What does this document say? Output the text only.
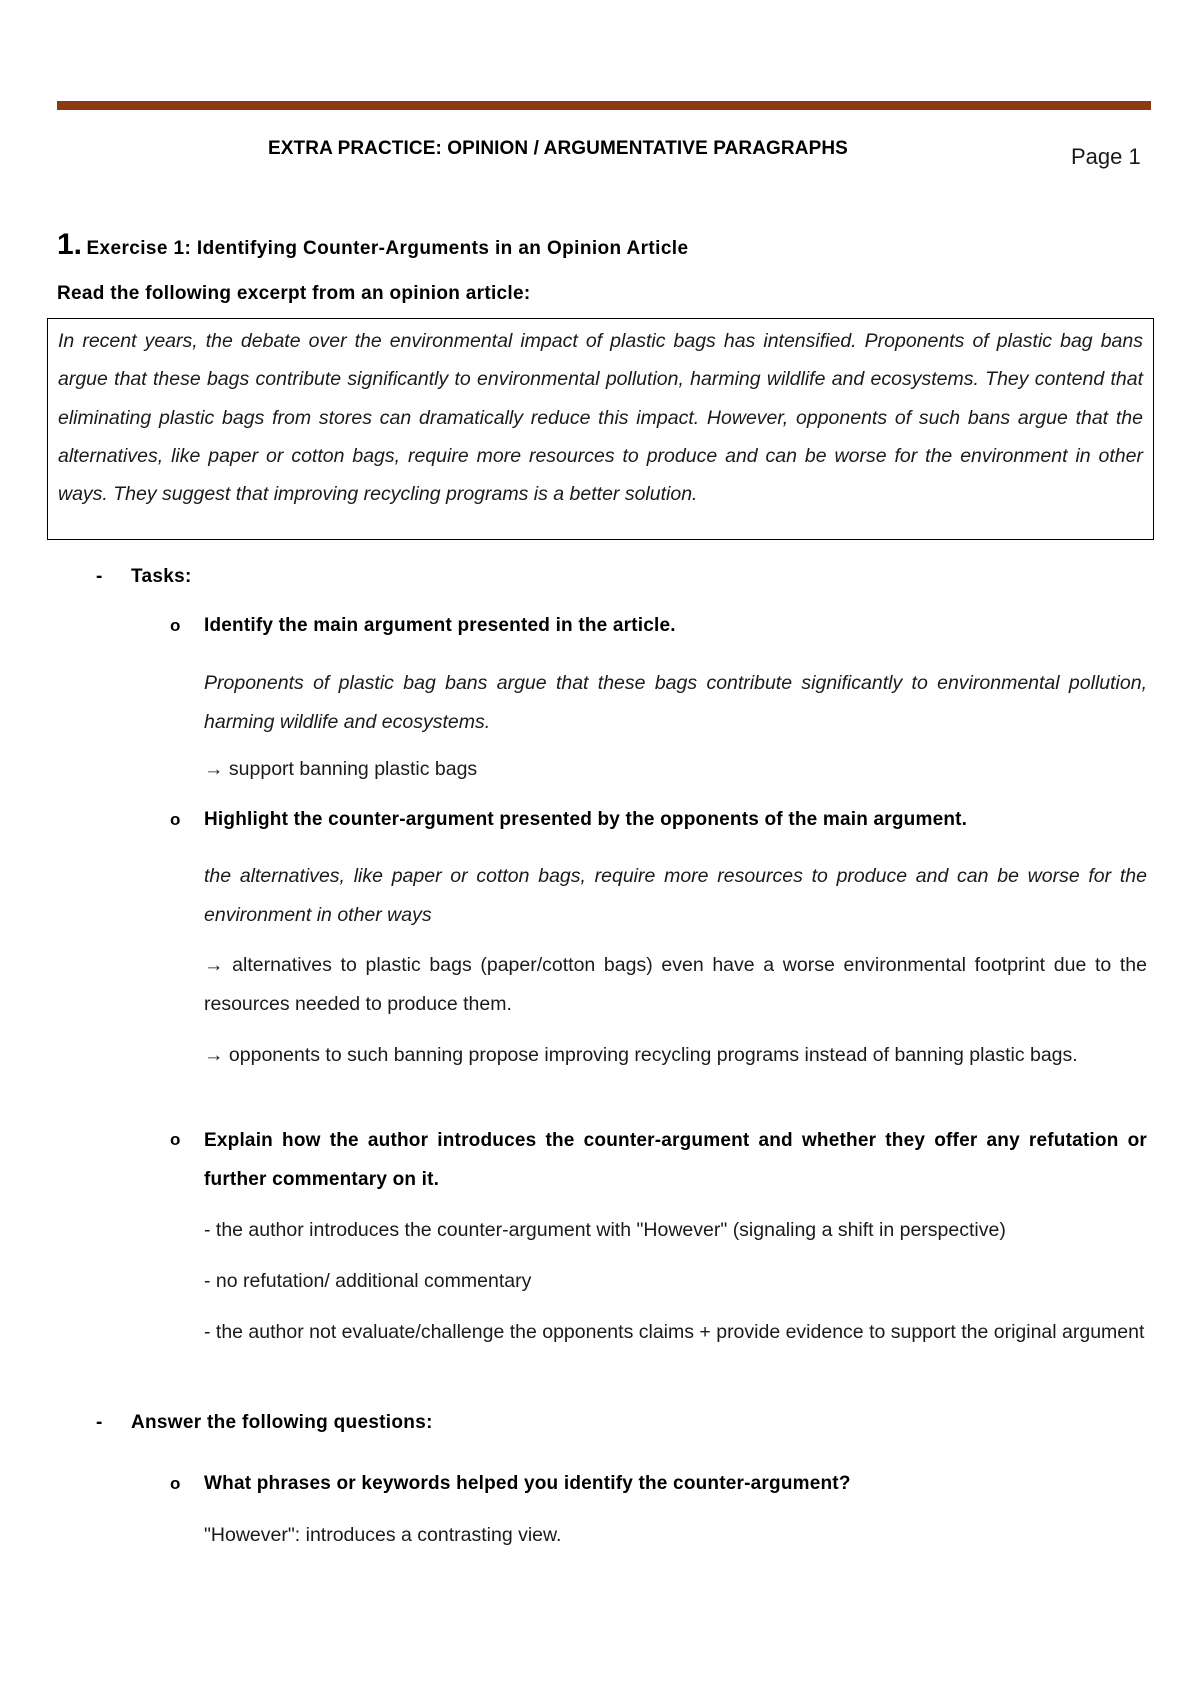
EXTRA PRACTICE: OPINION / ARGUMENTATIVE PARAGRAPHS	Page 1
1. Exercise 1: Identifying Counter-Arguments in an Opinion Article
Read the following excerpt from an opinion article:
In recent years, the debate over the environmental impact of plastic bags has intensified. Proponents of plastic bag bans argue that these bags contribute significantly to environmental pollution, harming wildlife and ecosystems. They contend that eliminating plastic bags from stores can dramatically reduce this impact. However, opponents of such bans argue that the alternatives, like paper or cotton bags, require more resources to produce and can be worse for the environment in other ways. They suggest that improving recycling programs is a better solution.
- Tasks:
o Identify the main argument presented in the article.
Proponents of plastic bag bans argue that these bags contribute significantly to environmental pollution, harming wildlife and ecosystems.
→ support banning plastic bags
o Highlight the counter-argument presented by the opponents of the main argument.
the alternatives, like paper or cotton bags, require more resources to produce and can be worse for the environment in other ways
→ alternatives to plastic bags (paper/cotton bags) even have a worse environmental footprint due to the resources needed to produce them.
→ opponents to such banning propose improving recycling programs instead of banning plastic bags.
o Explain how the author introduces the counter-argument and whether they offer any refutation or further commentary on it.
- the author introduces the counter-argument with "However" (signaling a shift in perspective)
- no refutation/ additional commentary
- the author not evaluate/challenge the opponents claims + provide evidence to support the original argument
- Answer the following questions:
o What phrases or keywords helped you identify the counter-argument?
"However": introduces a contrasting view.
